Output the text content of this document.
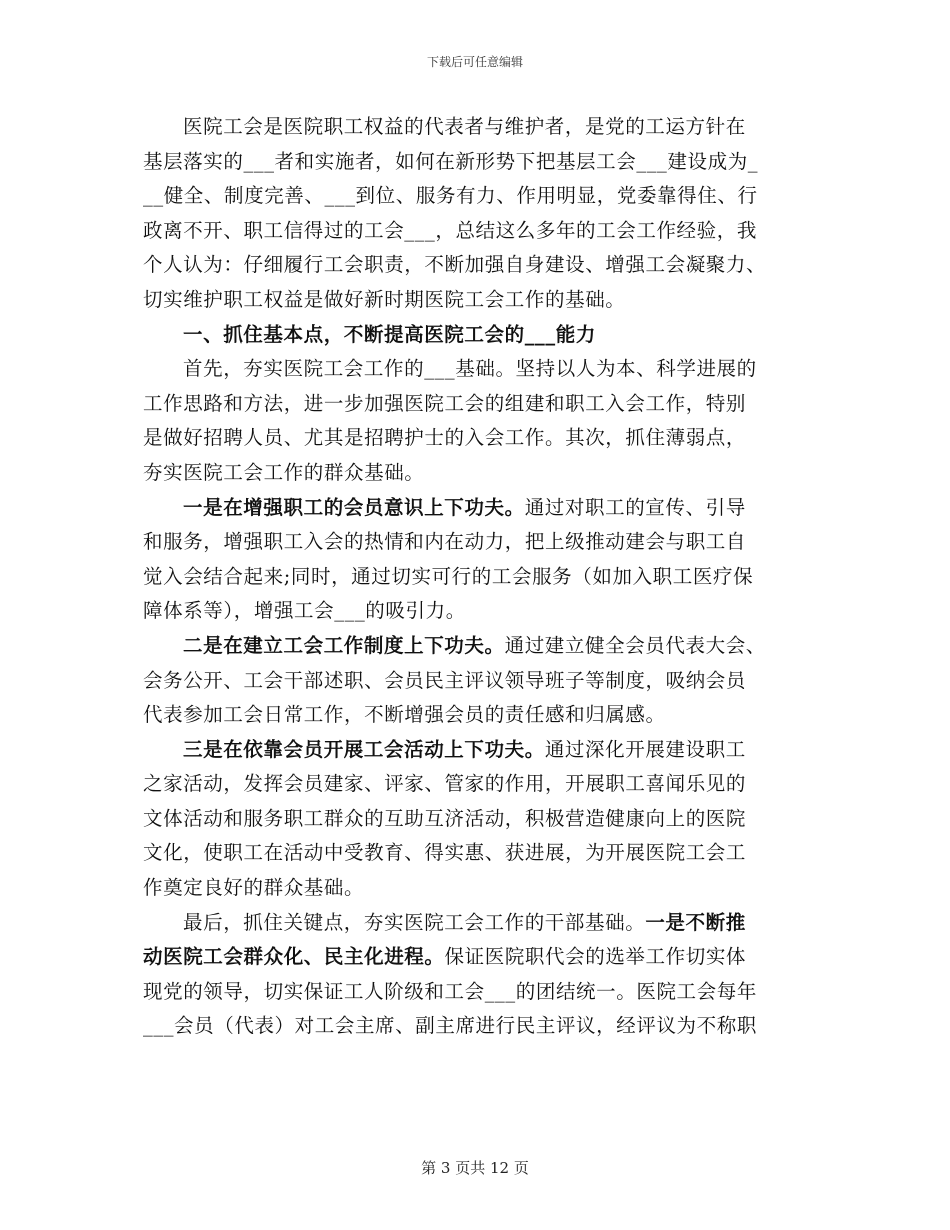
下载后可任意编辑
医院工会是医院职工权益的代表者与维护者，是党的工运方针在
基层落实的___者和实施者，如何在新形势下把基层工会___建设成为_
__健全、制度完善、___到位、服务有力、作用明显，党委靠得住、行
政离不开、职工信得过的工会___，总结这么多年的工会工作经验，我
个人认为：仔细履行工会职责，不断加强自身建设、增强工会凝聚力、
切实维护职工权益是做好新时期医院工会工作的基础。
一、抓住基本点，不断提高医院工会的___能力
首先，夯实医院工会工作的___基础。坚持以人为本、科学进展的
工作思路和方法，进一步加强医院工会的组建和职工入会工作，特别
是做好招聘人员、尤其是招聘护士的入会工作。其次，抓住薄弱点，
夯实医院工会工作的群众基础。
一是在增强职工的会员意识上下功夫。通过对职工的宣传、引导
和服务，增强职工入会的热情和内在动力，把上级推动建会与职工自
觉入会结合起来;同时，通过切实可行的工会服务（如加入职工医疗保
障体系等），增强工会___的吸引力。
二是在建立工会工作制度上下功夫。通过建立健全会员代表大会、
会务公开、工会干部述职、会员民主评议领导班子等制度，吸纳会员
代表参加工会日常工作，不断增强会员的责任感和归属感。
三是在依靠会员开展工会活动上下功夫。通过深化开展建设职工
之家活动，发挥会员建家、评家、管家的作用，开展职工喜闻乐见的
文体活动和服务职工群众的互助互济活动，积极营造健康向上的医院
文化，使职工在活动中受教育、得实惠、获进展，为开展医院工会工
作奠定良好的群众基础。
最后，抓住关键点，夯实医院工会工作的干部基础。一是不断推
动医院工会群众化、民主化进程。保证医院职代会的选举工作切实体
现党的领导，切实保证工人阶级和工会___的团结统一。医院工会每年
___会员（代表）对工会主席、副主席进行民主评议，经评议为不称职
第 3 页共 12 页
